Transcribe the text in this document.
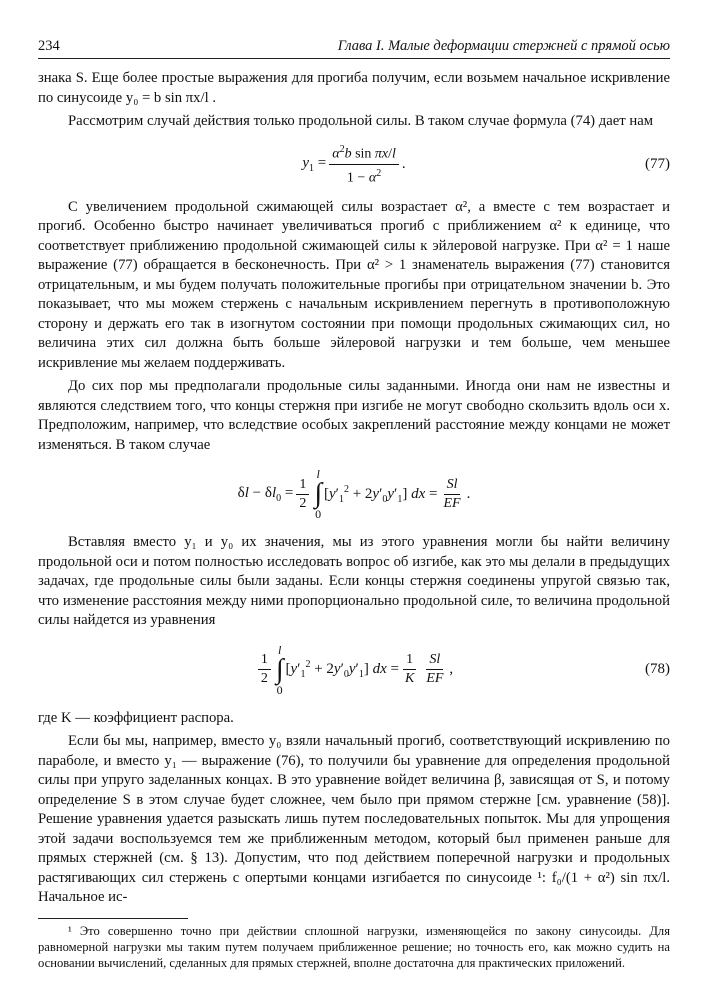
234	Глава I. Малые деформации стержней с прямой осью

знака S. Еще более простые выражения для прогиба получим, если возьмем начальное искривление по синусоиде y₀ = b sin πx/l .

Рассмотрим случай действия только продольной силы. В таком случае формула (74) дает нам

$y_1 = \frac{\alpha^2b \sin \pi x/l}{1 - \alpha^2}$ .	(77)

С увеличением продольной сжимающей силы возрастает α², а вместе с тем возрастает и прогиб. Особенно быстро начинает увеличиваться прогиб с приближением α² к единице, что соответствует приближению продольной сжимающей силы к эйлеровой нагрузке. При α² = 1 наше выражение (77) обращается в бесконечность. При α² > 1 знаменатель выражения (77) становится отрицательным, и мы будем получать положительные прогибы при отрицательном значении b. Это показывает, что мы можем стержень с начальным искривлением перегнуть в противоположную сторону и держать его так в изогнутом состоянии при помощи продольных сжимающих сил, но величина этих сил должна быть больше эйлеровой нагрузки и тем больше, чем меньшее искривление мы желаем поддерживать.

До сих пор мы предполагали продольные силы заданными. Иногда они нам не известны и являются следствием того, что концы стержня при изгибе не могут свободно скользить вдоль оси x. Предположим, например, что вследствие особых закреплений расстояние между концами не может изменяться. В таком случае

$\delta l - \delta l_0 = \frac{1}{2}$
l
∫
0
$[y'_1^2 + 2y'_0y'_1]$ dx = $\frac{Sl}{EF}$ .

Вставляя вместо y₁ и y₀ их значения, мы из этого уравнения могли бы найти величину продольной оси и потом полностью исследовать вопрос об изгибе, как это мы делали в предыдущих задачах, где продольные силы были заданы. Если концы стержня соединены упругой связью так, что изменение расстояния между ними пропорционально продольной силе, то величина продольной силы найдется из уравнения

$\frac{1}{2}$
l
∫
0
$[y'_1^2 + 2y'_0y'_1]$ dx = $\frac{1}{K} \frac{Sl}{EF}$ ,	(78)

где K — коэффициент распора.

Если бы мы, например, вместо y₀ взяли начальный прогиб, соответствующий искривлению по параболе, и вместо y₁ — выражение (76), то получили бы уравнение для определения продольной силы при упруго заделанных концах. В это уравнение войдет величина β, зависящая от S, и потому определение S в этом случае будет сложнее, чем было при прямом стержне [см. уравнение (58)]. Решение уравнения удается разыскать лишь путем последовательных попыток. Мы для упрощения этой задачи воспользуемся тем же приближенным методом, который был применен раньше для прямых стержней (см. § 13). Допустим, что под действием поперечной нагрузки и продольных растягивающих сил стержень с опертыми концами изгибается по синусоиде ¹: f₀/(1 + α²) sin πx/l. Начальное ис-

¹ Это совершенно точно при действии сплошной нагрузки, изменяющейся по закону синусоиды. Для равномерной нагрузки мы таким путем получаем приближенное решение; но точность его, как можно судить на основании вычислений, сделанных для прямых стержней, вполне достаточна для практических приложений.
